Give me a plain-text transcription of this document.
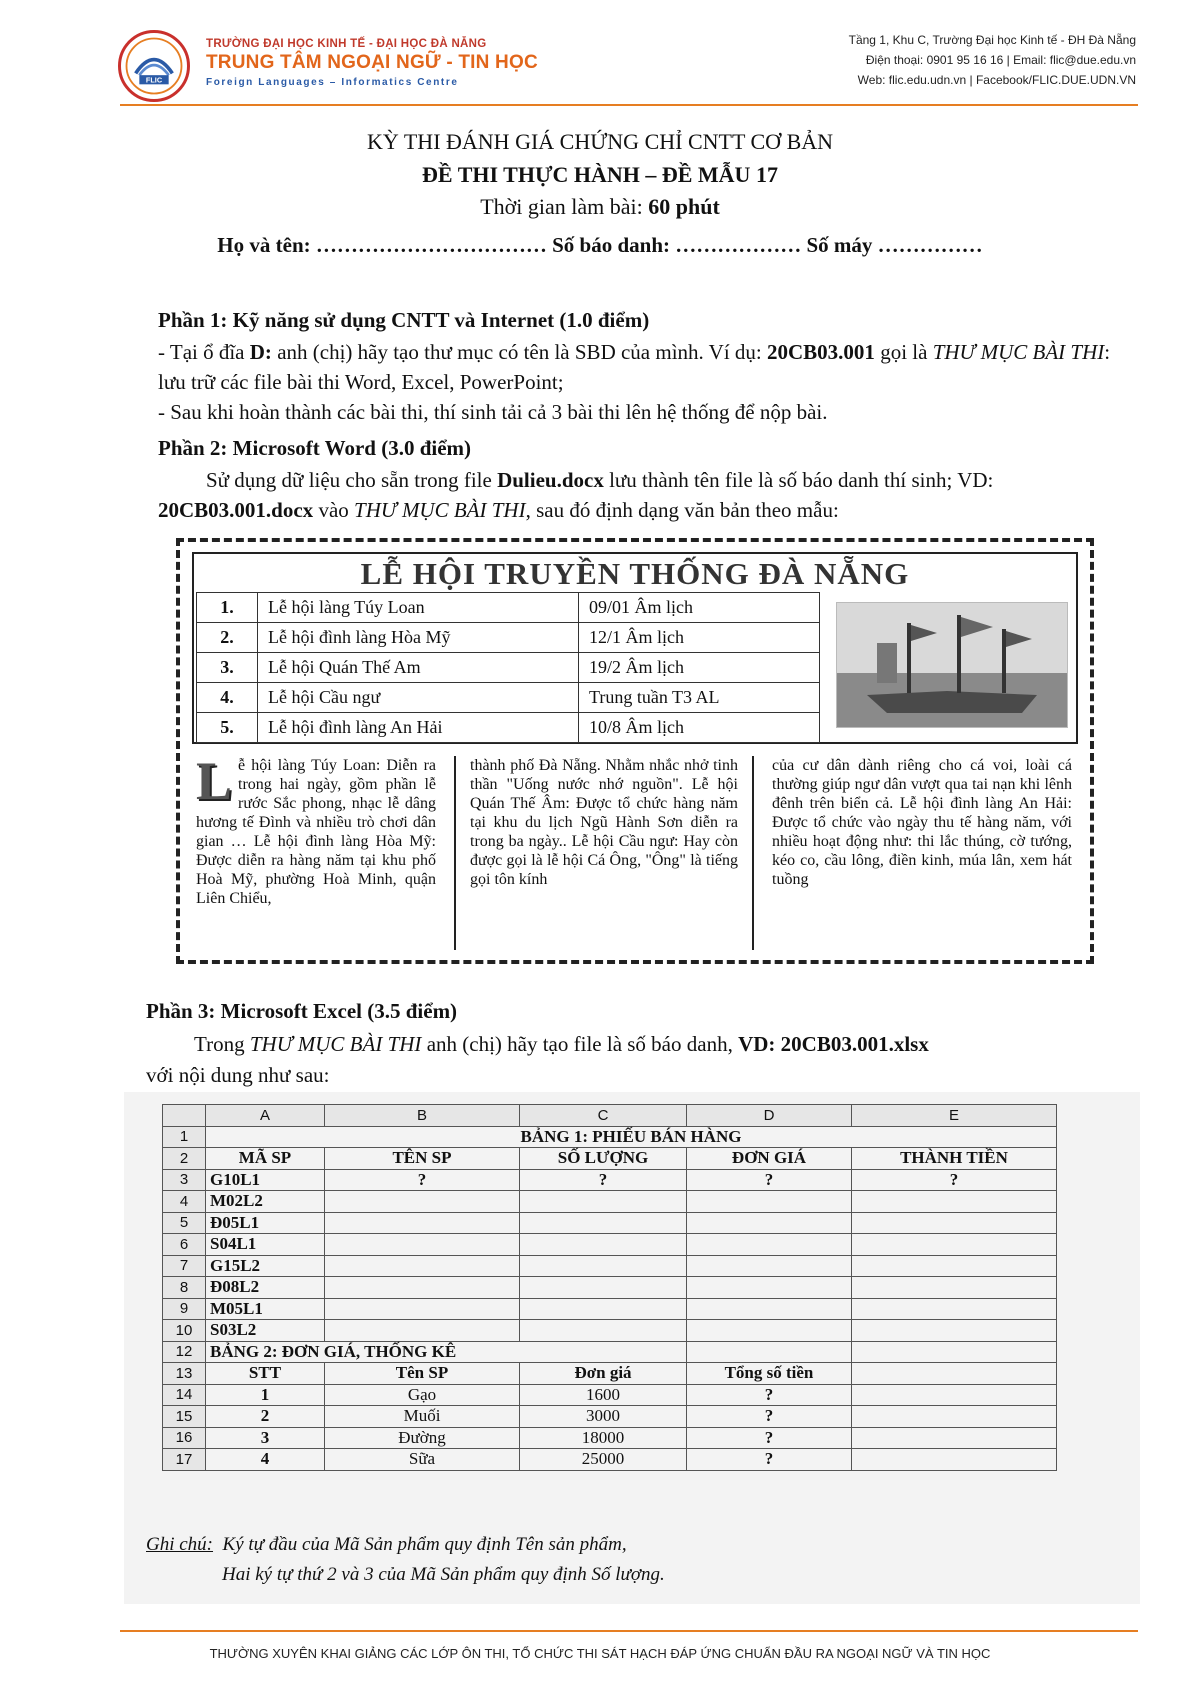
FLIC
TRƯỜNG ĐẠI HỌC KINH TẾ - ĐẠI HỌC ĐÀ NẴNG
TRUNG TÂM NGOẠI NGỮ - TIN HỌC
Foreign Languages – Informatics Centre
Tầng 1, Khu C, Trường Đại học Kinh tế - ĐH Đà Nẵng
Điện thoại: 0901 95 16 16 | Email: flic@due.edu.vn
Web: flic.edu.udn.vn | Facebook/FLIC.DUE.UDN.VN
KỲ THI ĐÁNH GIÁ CHỨNG CHỈ CNTT CƠ BẢN
ĐỀ THI THỰC HÀNH – ĐỀ MẪU 17
Thời gian làm bài: 60 phút
Họ và tên: …………………………… Số báo danh: ……………… Số máy ……………
Phần 1: Kỹ năng sử dụng CNTT và Internet (1.0 điểm)
- Tại ổ đĩa D: anh (chị) hãy tạo thư mục có tên là SBD của mình. Ví dụ: 20CB03.001 gọi là THƯ MỤC BÀI THI: lưu trữ các file bài thi Word, Excel, PowerPoint;
- Sau khi hoàn thành các bài thi, thí sinh tải cả 3 bài thi lên hệ thống để nộp bài.
Phần 2: Microsoft Word (3.0 điểm)
Sử dụng dữ liệu cho sẵn trong file Dulieu.docx lưu thành tên file là số báo danh thí sinh; VD: 20CB03.001.docx vào THƯ MỤC BÀI THI, sau đó định dạng văn bản theo mẫu:
LỄ HỘI TRUYỀN THỐNG ĐÀ NẴNG
1.	Lễ hội làng Túy Loan	09/01 Âm lịch
2.	Lễ hội đình làng Hòa Mỹ	12/1 Âm lịch
3.	Lễ hội Quán Thế Am	19/2 Âm lịch
4.	Lễ hội Cầu ngư	Trung tuần T3 AL
5.	Lễ hội đình làng An Hải	10/8 Âm lịch
Lễ hội làng Túy Loan: Diễn ra trong hai ngày, gồm phần lễ rước Sắc phong, nhạc lễ dâng hương tế Đình và nhiều trò chơi dân gian … Lễ hội đình làng Hòa Mỹ: Được diễn ra hàng năm tại khu phố Hoà Mỹ, phường Hoà Minh, quận Liên Chiểu,
thành phố Đà Nẵng. Nhằm nhắc nhở tinh thần "Uống nước nhớ nguồn". Lễ hội Quán Thế Âm: Được tổ chức hàng năm tại khu du lịch Ngũ Hành Sơn diễn ra trong ba ngày.. Lễ hội Cầu ngư: Hay còn được gọi là lễ hội Cá Ông, "Ông" là tiếng gọi tôn kính
của cư dân dành riêng cho cá voi, loài cá thường giúp ngư dân vượt qua tai nạn khi lênh đênh trên biển cả. Lễ hội đình làng An Hải: Được tổ chức vào ngày thu tế hàng năm, với nhiều hoạt động như: thi lắc thúng, cờ tướng, kéo co, cầu lông, điền kinh, múa lân, xem hát tuồng
Phần 3: Microsoft Excel (3.5 điểm)
Trong THƯ MỤC BÀI THI anh (chị) hãy tạo file là số báo danh, VD: 20CB03.001.xlsx
với nội dung như sau:
	A	B	C	D	E
1	BẢNG 1: PHIẾU BÁN HÀNG				
2	MÃ SP	TÊN SP	SỐ LƯỢNG	ĐƠN GIÁ	THÀNH TIỀN
3	G10L1	?	?	?	?
4	M02L2				
5	Đ05L1				
6	S04L1				
7	G15L2				
8	Đ08L2				
9	M05L1				
10	S03L2				
12	BẢNG 2: ĐƠN GIÁ, THỐNG KÊ				
13	STT	Tên SP	Đơn giá	Tổng số tiền	
14	1	Gạo	1600	?	
15	2	Muối	3000	?	
16	3	Đường	18000	?	
17	4	Sữa	25000	?	
Ghi chú: Ký tự đầu của Mã Sản phẩm quy định Tên sản phẩm,
Hai ký tự thứ 2 và 3 của Mã Sản phẩm quy định Số lượng.
THƯỜNG XUYÊN KHAI GIẢNG CÁC LỚP ÔN THI, TỔ CHỨC THI SÁT HẠCH ĐÁP ỨNG CHUẨN ĐẦU RA NGOẠI NGỮ VÀ TIN HỌC
